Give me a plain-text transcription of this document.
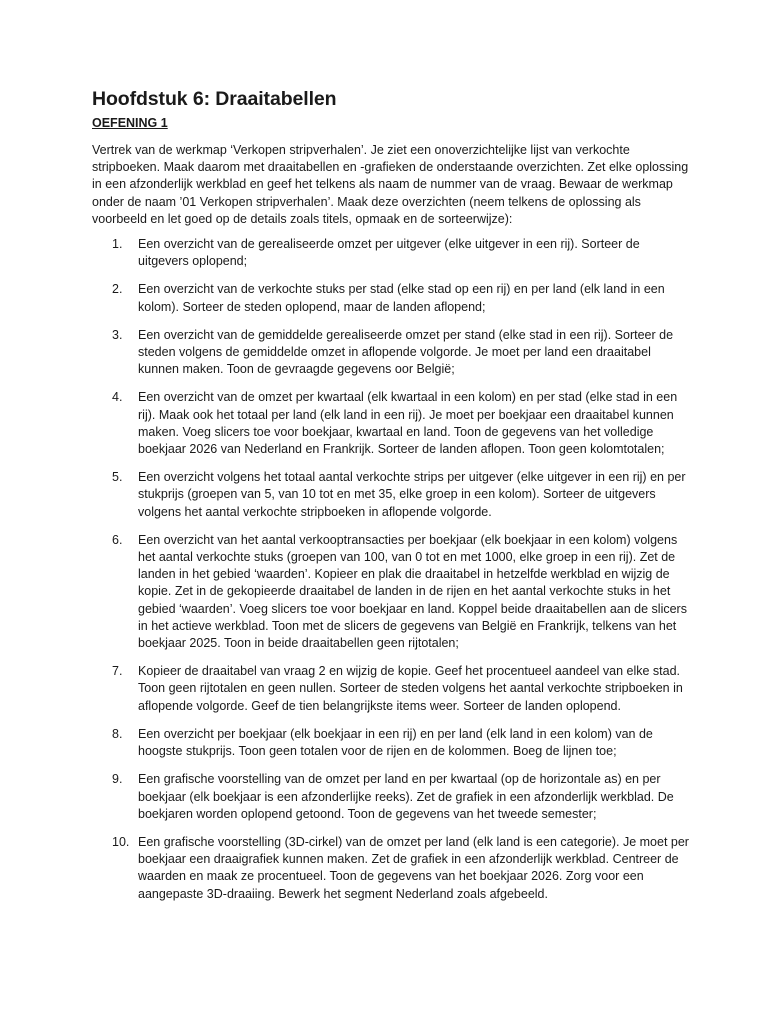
Hoofdstuk 6: Draaitabellen
OEFENING 1

Vertrek van de werkmap ‘Verkopen stripverhalen’. Je ziet een onoverzichtelijke lijst van verkochte stripboeken. Maak daarom met draaitabellen en -grafieken de onderstaande overzichten. Zet elke oplossing in een afzonderlijk werkblad en geef het telkens als naam de nummer van de vraag. Bewaar de werkmap onder de naam ’01 Verkopen stripverhalen’. Maak deze overzichten (neem telkens de oplossing als voorbeeld en let goed op de details zoals titels, opmaak en de sorteerwijze):

1.	Een overzicht van de gerealiseerde omzet per uitgever (elke uitgever in een rij). Sorteer de uitgevers oplopend;
2.	Een overzicht van de verkochte stuks per stad (elke stad op een rij) en per land (elk land in een kolom). Sorteer de steden oplopend, maar de landen aflopend;
3.	Een overzicht van de gemiddelde gerealiseerde omzet per stand (elke stad in een rij). Sorteer de steden volgens de gemiddelde omzet in aflopende volgorde. Je moet per land een draaitabel kunnen maken. Toon de gevraagde gegevens oor België;
4.	Een overzicht van de omzet per kwartaal (elk kwartaal in een kolom) en per stad (elke stad in een rij). Maak ook het totaal per land (elk land in een rij). Je moet per boekjaar een draaitabel kunnen maken. Voeg slicers toe voor boekjaar, kwartaal en land. Toon de gegevens van het volledige boekjaar 2026 van Nederland en Frankrijk. Sorteer de landen aflopen. Toon geen kolomtotalen;
5.	Een overzicht volgens het totaal aantal verkochte strips per uitgever (elke uitgever in een rij) en per stukprijs (groepen van 5, van 10 tot en met 35, elke groep in een kolom). Sorteer de uitgevers volgens het aantal verkochte stripboeken in aflopende volgorde.
6.	Een overzicht van het aantal verkooptransacties per boekjaar (elk boekjaar in een kolom) volgens het aantal verkochte stuks (groepen van 100, van 0 tot en met 1000, elke groep in een rij). Zet de landen in het gebied ‘waarden’. Kopieer en plak die draaitabel in hetzelfde werkblad en wijzig de kopie. Zet in de gekopieerde draaitabel de landen in de rijen en het aantal verkochte stuks in het gebied ‘waarden’. Voeg slicers toe voor boekjaar en land. Koppel beide draaitabellen aan de slicers in het actieve werkblad. Toon met de slicers de gegevens van België en Frankrijk, telkens van het boekjaar 2025. Toon in beide draaitabellen geen rijtotalen;
7.	Kopieer de draaitabel van vraag 2 en wijzig de kopie. Geef het procentueel aandeel van elke stad. Toon geen rijtotalen en geen nullen. Sorteer de steden volgens het aantal verkochte stripboeken in aflopende volgorde. Geef de tien belangrijkste items weer. Sorteer de landen oplopend.
8.	Een overzicht per boekjaar (elk boekjaar in een rij) en per land (elk land in een kolom) van de hoogste stukprijs. Toon geen totalen voor de rijen en de kolommen. Boeg de lijnen toe;
9.	Een grafische voorstelling van de omzet per land en per kwartaal (op de horizontale as) en per boekjaar (elk boekjaar is een afzonderlijke reeks). Zet de grafiek in een afzonderlijk werkblad. De boekjaren worden oplopend getoond. Toon de gegevens van het tweede semester;
10. Een grafische voorstelling (3D-cirkel) van de omzet per land (elk land is een categorie). Je moet per boekjaar een draaigrafiek kunnen maken. Zet de grafiek in een afzonderlijk werkblad. Centreer de waarden en maak ze procentueel. Toon de gegevens van het boekjaar 2026. Zorg voor een aangepaste 3D-draaiing. Bewerk het segment Nederland zoals afgebeeld.
